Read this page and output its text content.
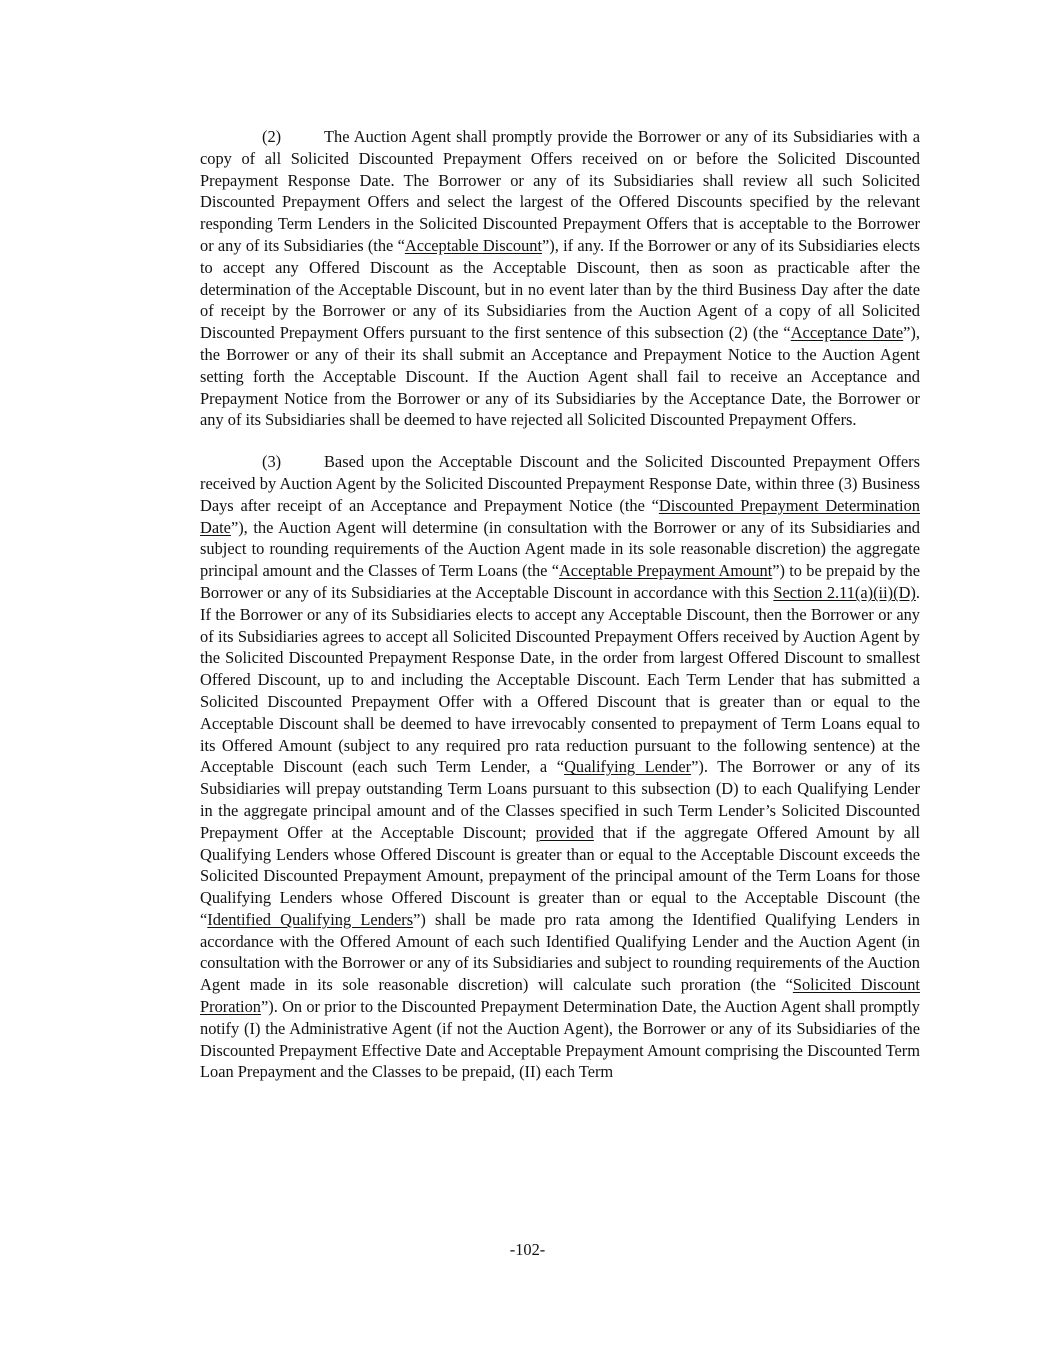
(2)	The Auction Agent shall promptly provide the Borrower or any of its Subsidiaries with a copy of all Solicited Discounted Prepayment Offers received on or before the Solicited Discounted Prepayment Response Date. The Borrower or any of its Subsidiaries shall review all such Solicited Discounted Prepayment Offers and select the largest of the Offered Discounts specified by the relevant responding Term Lenders in the Solicited Discounted Prepayment Offers that is acceptable to the Borrower or any of its Subsidiaries (the “Acceptable Discount”), if any. If the Borrower or any of its Subsidiaries elects to accept any Offered Discount as the Acceptable Discount, then as soon as practicable after the determination of the Acceptable Discount, but in no event later than by the third Business Day after the date of receipt by the Borrower or any of its Subsidiaries from the Auction Agent of a copy of all Solicited Discounted Prepayment Offers pursuant to the first sentence of this subsection (2) (the “Acceptance Date”), the Borrower or any of their its shall submit an Acceptance and Prepayment Notice to the Auction Agent setting forth the Acceptable Discount. If the Auction Agent shall fail to receive an Acceptance and Prepayment Notice from the Borrower or any of its Subsidiaries by the Acceptance Date, the Borrower or any of its Subsidiaries shall be deemed to have rejected all Solicited Discounted Prepayment Offers.

(3)	Based upon the Acceptable Discount and the Solicited Discounted Prepayment Offers received by Auction Agent by the Solicited Discounted Prepayment Response Date, within three (3) Business Days after receipt of an Acceptance and Prepayment Notice (the “Discounted Prepayment Determination Date”), the Auction Agent will determine (in consultation with the Borrower or any of its Subsidiaries and subject to rounding requirements of the Auction Agent made in its sole reasonable discretion) the aggregate principal amount and the Classes of Term Loans (the “Acceptable Prepayment Amount”) to be prepaid by the Borrower or any of its Subsidiaries at the Acceptable Discount in accordance with this Section 2.11(a)(ii)(D). If the Borrower or any of its Subsidiaries elects to accept any Acceptable Discount, then the Borrower or any of its Subsidiaries agrees to accept all Solicited Discounted Prepayment Offers received by Auction Agent by the Solicited Discounted Prepayment Response Date, in the order from largest Offered Discount to smallest Offered Discount, up to and including the Acceptable Discount. Each Term Lender that has submitted a Solicited Discounted Prepayment Offer with a Offered Discount that is greater than or equal to the Acceptable Discount shall be deemed to have irrevocably consented to prepayment of Term Loans equal to its Offered Amount (subject to any required pro rata reduction pursuant to the following sentence) at the Acceptable Discount (each such Term Lender, a “Qualifying Lender”). The Borrower or any of its Subsidiaries will prepay outstanding Term Loans pursuant to this subsection (D) to each Qualifying Lender in the aggregate principal amount and of the Classes specified in such Term Lender’s Solicited Discounted Prepayment Offer at the Acceptable Discount; provided that if the aggregate Offered Amount by all Qualifying Lenders whose Offered Discount is greater than or equal to the Acceptable Discount exceeds the Solicited Discounted Prepayment Amount, prepayment of the principal amount of the Term Loans for those Qualifying Lenders whose Offered Discount is greater than or equal to the Acceptable Discount (the “Identified Qualifying Lenders”) shall be made pro rata among the Identified Qualifying Lenders in accordance with the Offered Amount of each such Identified Qualifying Lender and the Auction Agent (in consultation with the Borrower or any of its Subsidiaries and subject to rounding requirements of the Auction Agent made in its sole reasonable discretion) will calculate such proration (the “Solicited Discount Proration”). On or prior to the Discounted Prepayment Determination Date, the Auction Agent shall promptly notify (I) the Administrative Agent (if not the Auction Agent), the Borrower or any of its Subsidiaries of the Discounted Prepayment Effective Date and Acceptable Prepayment Amount comprising the Discounted Term Loan Prepayment and the Classes to be prepaid, (II) each Term

-102-
